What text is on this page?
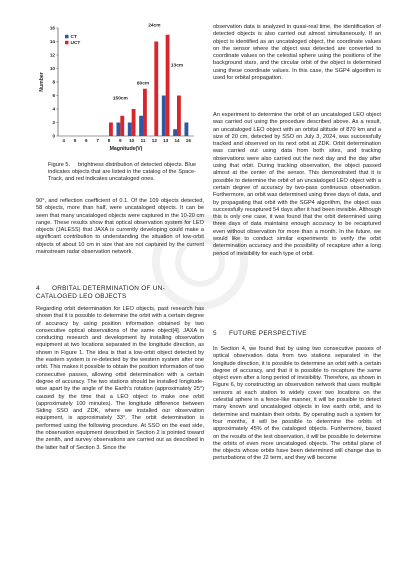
0
2
4
6
8
10
12
14
16
4 5 6 7 8 9 10 11 12 13 14 15
150cm
60cm
24cm
13cm
Magnitude(V)
Number
CT
UCT

Figure 5. brightness distribution of detected objects. Blue indicates objects that are listed in the catalog of the Space-Track, and red indicates uncataloged ones.

90°, and reflection coefficient of 0.1. Of the 109 objects detected, 58 objects, more than half, were uncataloged objects. It can be seen that many uncataloged objects were captured in the 10-20 cm range. These results show that optical observation system for LEO objects (JALESS) that JAXA is currently developing could make a significant contribution to understanding the situation of low-orbit objects of about 10 cm in size that are not captured by the current mainstream radar observation network.

4 ORBITAL DETERMINATION OF UN-CATALOGED LEO OBJECTS

Regarding orbit determination for LEO objects, past research has shown that it is possible to determine the orbit with a certain degree of accuracy by using position information obtained by two consecutive optical observations of the same object[4]. JAXA is conducting research and development by installing observation equipment at two locations separated in the longitude direction, as shown in Figure 1. The idea is that a low-orbit object detected by the eastern system is re-detected by the western system after one orbit. This makes it possible to obtain the position information of two consecutive passes, allowing orbit determination with a certain degree of accuracy. The two stations should be installed longitude-wise apart by the angle of the Earth's rotation (approximately 25°) caused by the time that a LEO object to make one orbit (approximately 100 minutes). The longitude difference between Siding SSO and ZDK, where we installed our observation equipment, is approximately 33°. The orbit determination is performed using the following procedure. At SSO on the east side, the observation equipment described in Section 2 is pointed toward the zenith, and survey observations are carried out as described in the latter half of Section 3. Since the

observation data is analyzed in quasi-real time, the identification of detected objects is also carried out almost simultaneously. If an object is identified as an uncataloged object, the coordinate values on the sensor where the object was detected are converted to coordinate values on the celestial sphere using the positions of the background stars, and the circular orbit of the object is determined using these coordinate values. In this case, the SGP4 algorithm is used for orbital propagation.

An experiment to determine the orbit of an uncataloged LEO object was carried out using the procedure described above. As a result, an uncataloged LEO object with an orbital altitude of 870 km and a size of 20 cm, detected by SSO on July 3, 2024, was successfully tracked and observed on its next orbit at ZDK. Orbit determination was carried out using data from both sites, and tracking observations were also carried out the next day and the day after using that orbit. During tracking observation, the object passed almost at the center of the sensor. This demonstrated that it is possible to determine the orbit of an uncataloged LEO object with a certain degree of accuracy by two-pass continuous observation. Furthermore, an orbit was determined using three days of data, and by propagating that orbit with the SGP4 algorithm, the object was successfully recaptured 54 days after it had been invisible. Although this is only one case, it was found that the orbit determined using three days of data maintains enough accuracy to be recaptured even without observation for more than a month. In the future, we would like to conduct similar experiments to verify the orbit determination accuracy and the possibility of recapture after a long period of invisibility for each type of orbit.

5 FUTURE PERSPECTIVE

In Section 4, we found that by using two consecutive passes of optical observation data from two stations separated in the longitude direction, it is possible to determine an orbit with a certain degree of accuracy, and that it is possible to recapture the same object even after a long period of invisibility. Therefore, as shown in Figure 6, by constructing an observation network that uses multiple sensors at each station to widely cover two locations on the celestial sphere in a fence-like manner, it will be possible to detect many known and uncataloged objects in low earth orbit, and to determine and maintain their orbits. By operating such a system for four months, it will be possible to determine the orbits of approximately 45% of the cataloged objects. Furthermore, based on the results of the test observation, it will be possible to determine the orbits of even more uncataloged objects. The orbital plane of the objects whose orbits have been determined will change due to perturbations of the J2 term, and they will become
